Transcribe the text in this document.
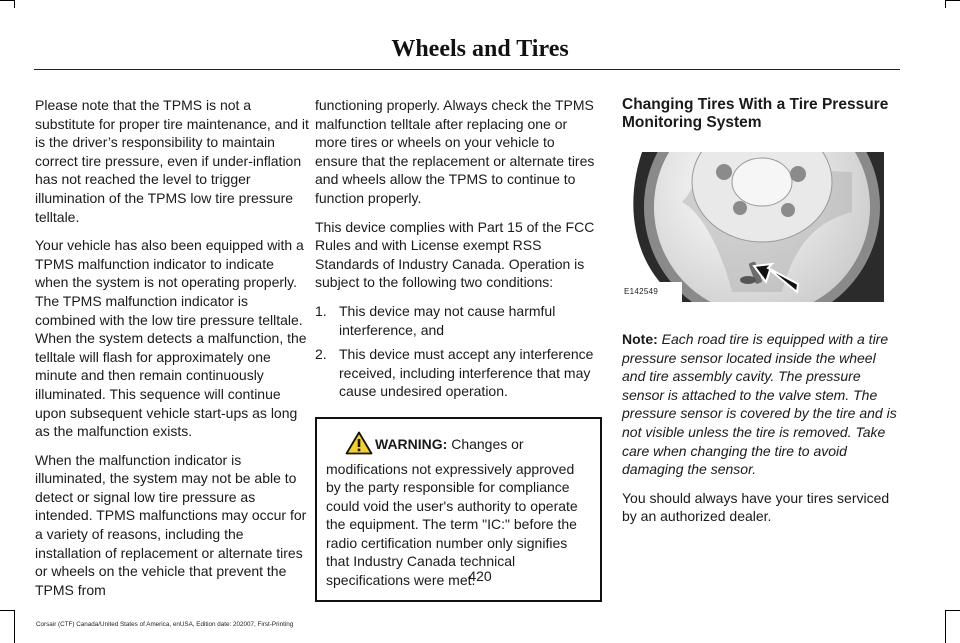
Wheels and Tires

Please note that the TPMS is not a substitute for proper tire maintenance, and it is the driver’s responsibility to maintain correct tire pressure, even if under-inflation has not reached the level to trigger illumination of the TPMS low tire pressure telltale.

Your vehicle has also been equipped with a TPMS malfunction indicator to indicate when the system is not operating properly. The TPMS malfunction indicator is combined with the low tire pressure telltale. When the system detects a malfunction, the telltale will flash for approximately one minute and then remain continuously illuminated. This sequence will continue upon subsequent vehicle start-ups as long as the malfunction exists.

When the malfunction indicator is illuminated, the system may not be able to detect or signal low tire pressure as intended. TPMS malfunctions may occur for a variety of reasons, including the installation of replacement or alternate tires or wheels on the vehicle that prevent the TPMS from

functioning properly. Always check the TPMS malfunction telltale after replacing one or more tires or wheels on your vehicle to ensure that the replacement or alternate tires and wheels allow the TPMS to continue to function properly.

This device complies with Part 15 of the FCC Rules and with License exempt RSS Standards of Industry Canada. Operation is subject to the following two conditions:

1. This device may not cause harmful interference, and
2. This device must accept any interference received, including interference that may cause undesired operation.
WARNING: Changes or modifications not expressively approved by the party responsible for compliance could void the user's authority to operate the equipment. The term "IC:" before the radio certification number only signifies that Industry Canada technical specifications were met.
Changing Tires With a Tire Pressure Monitoring System
E142549

Note: Each road tire is equipped with a tire pressure sensor located inside the wheel and tire assembly cavity. The pressure sensor is attached to the valve stem. The pressure sensor is covered by the tire and is not visible unless the tire is removed. Take care when changing the tire to avoid damaging the sensor.

You should always have your tires serviced by an authorized dealer.

420
Corsair (CTF) Canada/United States of America, enUSA, Edition date: 202007, First-Printing
